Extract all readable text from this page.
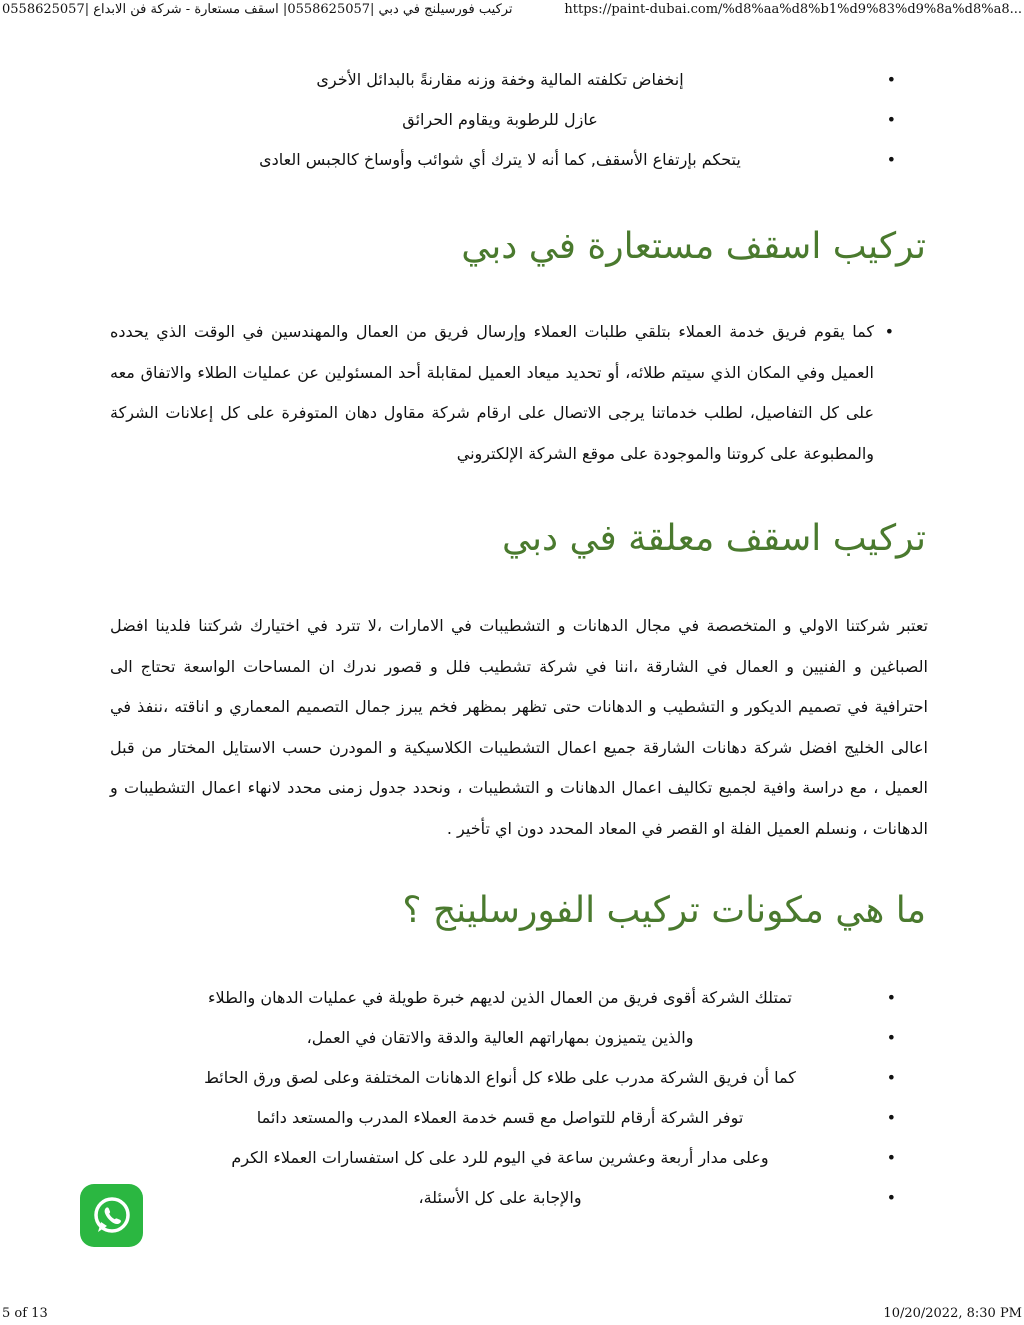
تركيب فورسيلنج في دبي |0558625057| اسقف مستعارة - شركة فن الابداع |0558625057	https://paint-dubai.com/%d8%aa%d8%b1%d9%83%d9%8a%d8%a8...
•
إنخفاض تكلفته المالية وخفة وزنه مقارنةً بالبدائل الأخرى
•
عازل للرطوبة ويقاوم الحرائق
•
يتحكم بإرتفاع الأسقف, كما أنه لا يترك أي شوائب وأوساخ كالجبس العادى
تركيب اسقف مستعارة في دبي
•
كما يقوم فريق خدمة العملاء بتلقي طلبات العملاء وإرسال فريق من العمال والمهندسين في الوقت الذي يحدده العميل وفي المكان الذي سيتم طلائه، أو تحديد ميعاد العميل لمقابلة أحد المسئولين عن عمليات الطلاء والاتفاق معه على كل التفاصيل، لطلب خدماتنا يرجى الاتصال على ارقام شركة مقاول دهان المتوفرة على كل إعلانات الشركة والمطبوعة على كروتنا والموجودة على موقع الشركة الإلكتروني
تركيب اسقف معلقة في دبي

تعتبر شركتنا الاولي و المتخصصة في مجال الدهانات و التشطيبات في الامارات ،لا تترد في اختيارك شركتنا فلدينا افضل الصباغين و الفنيين و العمال في الشارقة ،اننا في شركة تشطيب فلل و قصور ندرك ان المساحات الواسعة تحتاج الى احترافية في تصميم الديكور و التشطيب و الدهانات حتى تظهر بمظهر فخم يبرز جمال التصميم المعماري و اناقته ،ننفذ في اعالى الخليج افضل شركة دهانات الشارقة جميع اعمال التشطيبات الكلاسيكية و المودرن حسب الاستايل المختار من قبل العميل ، مع دراسة وافية لجميع تكاليف اعمال الدهانات و التشطيبات ، ونحدد جدول زمنى محدد لانهاء اعمال التشطيبات و الدهانات ، ونسلم العميل الفلة او القصر في المعاد المحدد دون اي تأخير .

ما هي مكونات تركيب الفورسلينج ؟
•
تمتلك الشركة أقوى فريق من العمال الذين لديهم خبرة طويلة في عمليات الدهان والطلاء
•
والذين يتميزون بمهاراتهم العالية والدقة والاتقان في العمل،
•
كما أن فريق الشركة مدرب على طلاء كل أنواع الدهانات المختلفة وعلى لصق ورق الحائط
•
توفر الشركة أرقام للتواصل مع قسم خدمة العملاء المدرب والمستعد دائما
•
وعلى مدار أربعة وعشرين ساعة في اليوم للرد على كل استفسارات العملاء الكرم
•
والإجابة على كل الأسئلة،
5 of 13	10/20/2022, 8:30 PM
